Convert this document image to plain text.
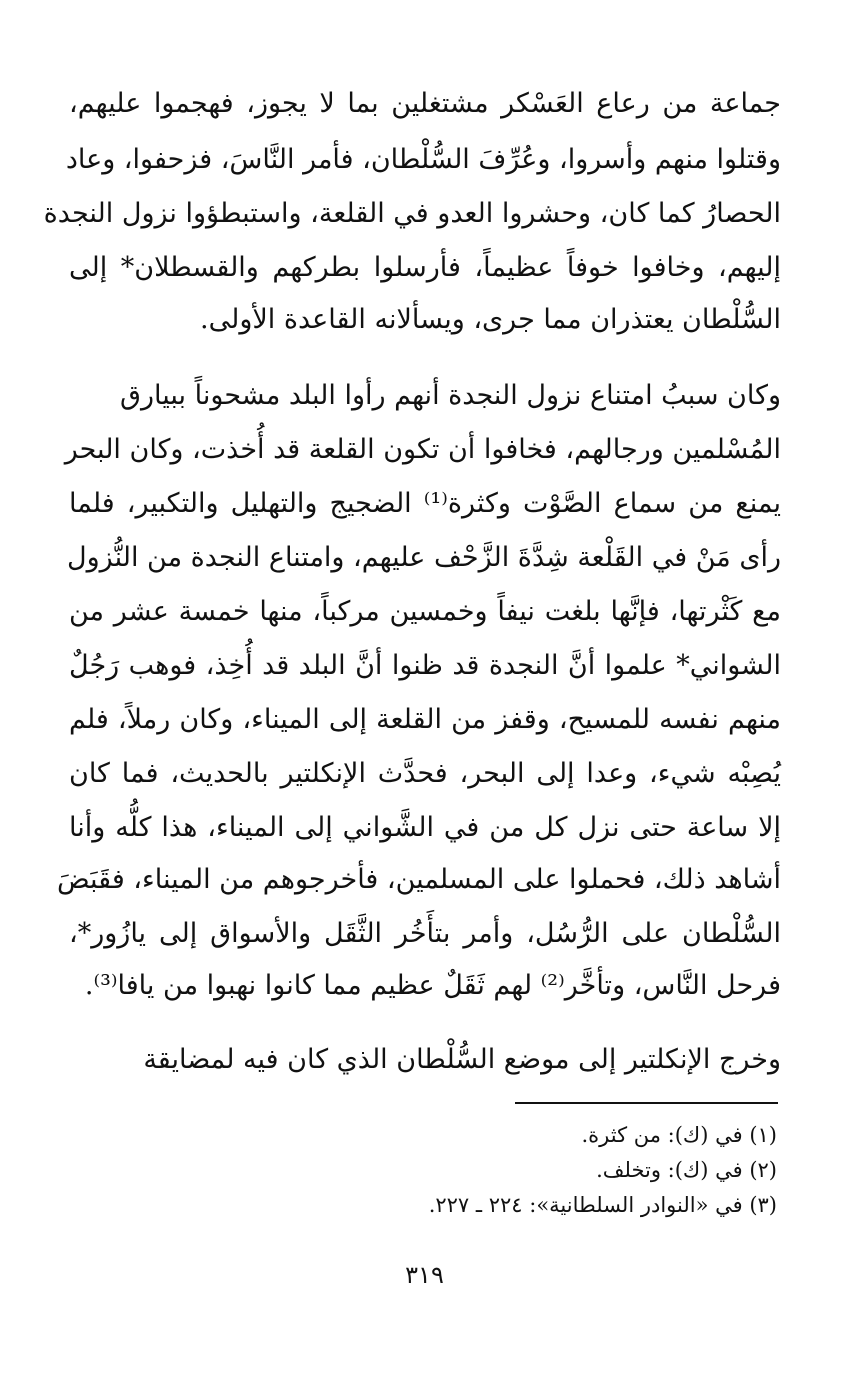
جماعة من رعاع العَسْكر مشتغلين بما لا يجوز، فهجموا عليهم،
وقتلوا منهم وأسروا، وعُرِّفَ السُّلْطان، فأمر النَّاسَ، فزحفوا، وعاد
الحصارُ كما كان، وحشروا العدو في القلعة، واستبطؤوا نزول النجدة
إليهم، وخافوا خوفاً عظيماً، فأرسلوا بطركهم والقسطلان* إلى
السُّلْطان يعتذران مما جرى، ويسألانه القاعدة الأولى.
وكان سببُ امتناع نزول النجدة أنهم رأوا البلد مشحوناً ببيارق
المُسْلمين ورجالهم، فخافوا أن تكون القلعة قد أُخذت، وكان البحر
يمنع من سماع الصَّوْت وكثرة⁽¹⁾ الضجيج والتهليل والتكبير، فلما
رأى مَنْ في القَلْعة شِدَّةَ الزَّحْف عليهم، وامتناع النجدة من النُّزول
مع كَثْرتها، فإنَّها بلغت نيفاً وخمسين مركباً، منها خمسة عشر من
الشواني* علموا أنَّ النجدة قد ظنوا أنَّ البلد قد أُخِذ، فوهب رَجُلٌ
منهم نفسه للمسيح، وقفز من القلعة إلى الميناء، وكان رملاً، فلم
يُصِبْه شيء، وعدا إلى البحر، فحدَّث الإنكلتير بالحديث، فما كان
إلا ساعة حتى نزل كل من في الشَّواني إلى الميناء، هذا كلُّه وأنا
أشاهد ذلك، فحملوا على المسلمين، فأخرجوهم من الميناء، فقَبَضَ
السُّلْطان على الرُّسُل، وأمر بتأَخُر الثَّقَل والأسواق إلى يازُور*،
فرحل النَّاس، وتأخَّر⁽²⁾ لهم ثَقَلٌ عظيم مما كانوا نهبوا من يافا⁽³⁾.
وخرج الإنكلتير إلى موضع السُّلْطان الذي كان فيه لمضايقة
(١) في (ك): من كثرة.
(٢) في (ك): وتخلف.
(٣) في «النوادر السلطانية»: ٢٢٤ ـ ٢٢٧.
٣١٩
